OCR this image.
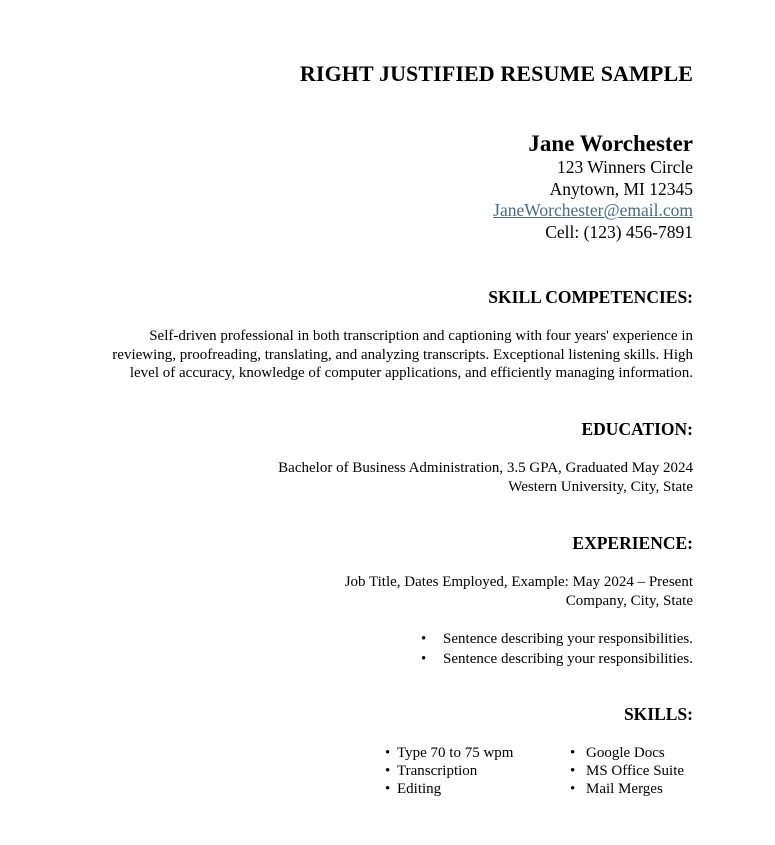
RIGHT JUSTIFIED RESUME SAMPLE
Jane Worchester
123 Winners Circle
Anytown, MI 12345
JaneWorchester@email.com
Cell: (123) 456-7891
SKILL COMPETENCIES:
Self-driven professional in both transcription and captioning with four years' experience in
reviewing, proofreading, translating, and analyzing transcripts. Exceptional listening skills. High
level of accuracy, knowledge of computer applications, and efficiently managing information.
EDUCATION:
Bachelor of Business Administration, 3.5 GPA, Graduated May 2024
Western University, City, State
EXPERIENCE:
Job Title, Dates Employed, Example: May 2024 – Present
Company, City, State
•	Sentence describing your responsibilities.
•	Sentence describing your responsibilities.
SKILLS:
• Type 70 to 75 wpm
• Transcription
• Editing
• Google Docs
• MS Office Suite
• Mail Merges
